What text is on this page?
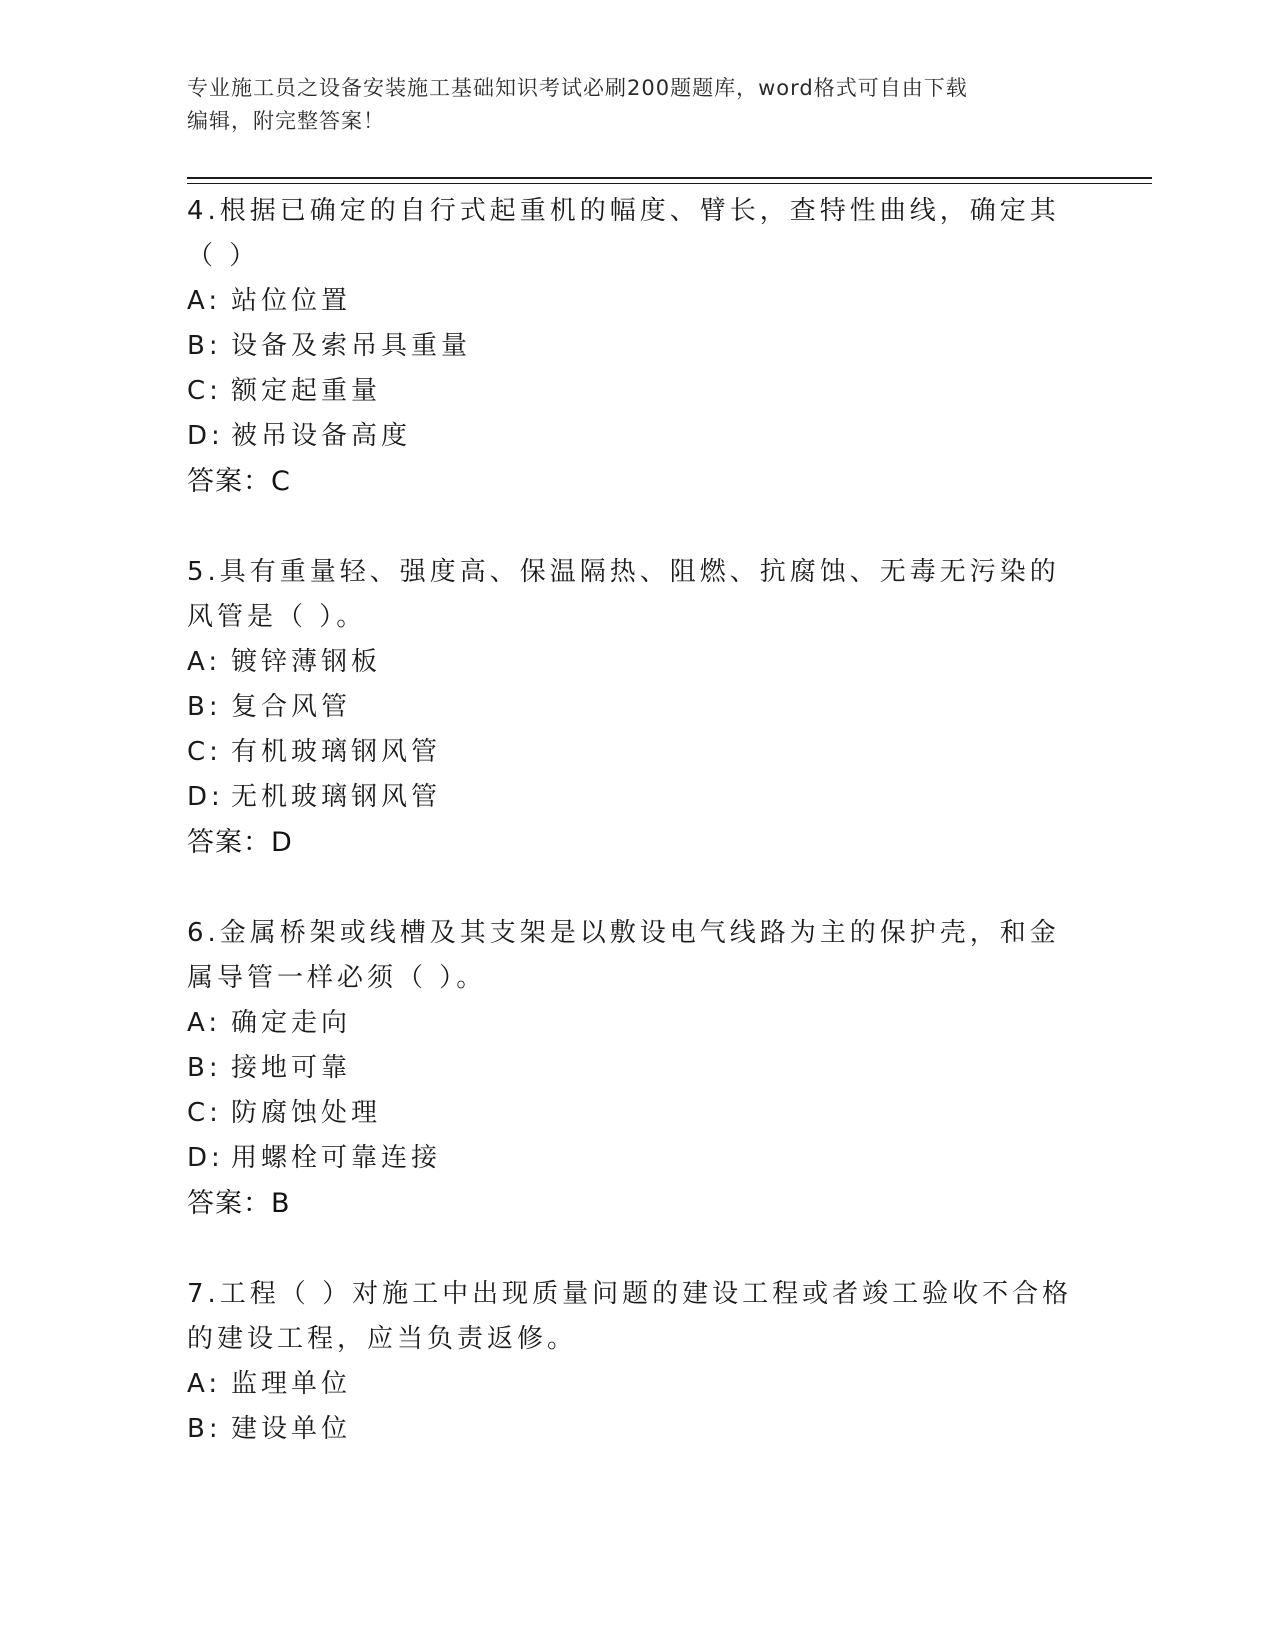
专业施工员之设备安装施工基础知识考试必刷200题题库，word格式可自由下载
编辑，附完整答案！
4.根据已确定的自行式起重机的幅度、臂长，查特性曲线，确定其（ ）
A: 站位位置
B: 设备及索吊具重量
C: 额定起重量
D: 被吊设备高度
答案：C
5.具有重量轻、强度高、保温隔热、阻燃、抗腐蚀、无毒无污染的风管是（ ）。
A: 镀锌薄钢板
B: 复合风管
C: 有机玻璃钢风管
D: 无机玻璃钢风管
答案：D
6.金属桥架或线槽及其支架是以敷设电气线路为主的保护壳，和金属导管一样必须（ ）。
A: 确定走向
B: 接地可靠
C: 防腐蚀处理
D: 用螺栓可靠连接
答案：B
7.工程（ ）对施工中出现质量问题的建设工程或者竣工验收不合格的建设工程，应当负责返修。
A: 监理单位
B: 建设单位
